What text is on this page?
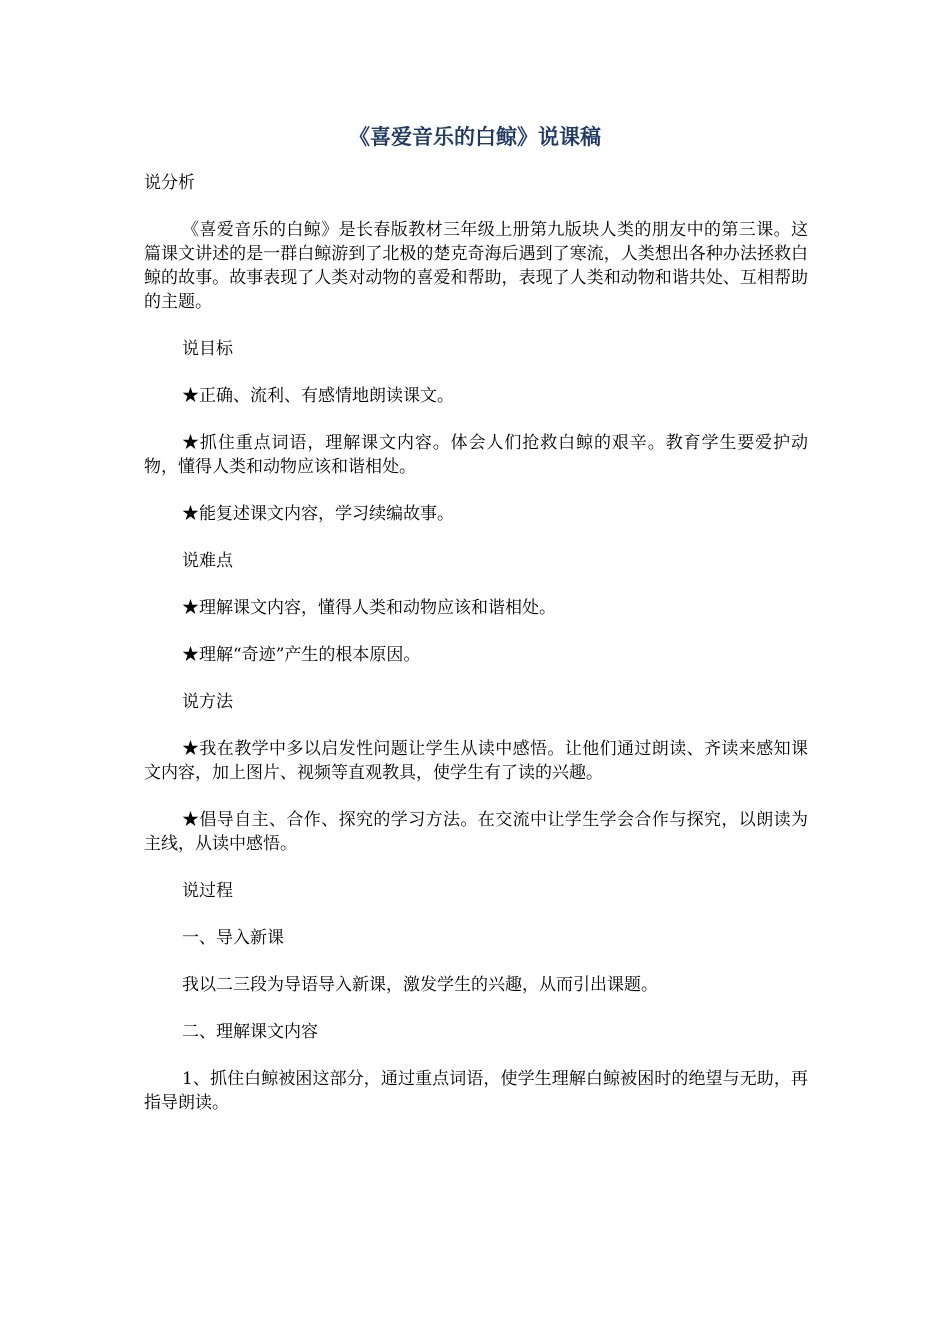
《喜爱音乐的白鲸》说课稿

说分析

《喜爱音乐的白鲸》是长春版教材三年级上册第九版块人类的朋友中的第三课。这篇课文讲述的是一群白鲸游到了北极的楚克奇海后遇到了寒流，人类想出各种办法拯救白鲸的故事。故事表现了人类对动物的喜爱和帮助，表现了人类和动物和谐共处、互相帮助的主题。

说目标

★正确、流利、有感情地朗读课文。

★抓住重点词语，理解课文内容。体会人们抢救白鲸的艰辛。教育学生要爱护动物，懂得人类和动物应该和谐相处。

★能复述课文内容，学习续编故事。

说难点

★理解课文内容，懂得人类和动物应该和谐相处。

★理解“奇迹”产生的根本原因。

说方法

★我在教学中多以启发性问题让学生从读中感悟。让他们通过朗读、齐读来感知课文内容，加上图片、视频等直观教具，使学生有了读的兴趣。

★倡导自主、合作、探究的学习方法。在交流中让学生学会合作与探究，以朗读为主线，从读中感悟。

说过程

一、导入新课

我以二三段为导语导入新课，激发学生的兴趣，从而引出课题。

二、理解课文内容

1、抓住白鲸被困这部分，通过重点词语，使学生理解白鲸被困时的绝望与无助，再指导朗读。
